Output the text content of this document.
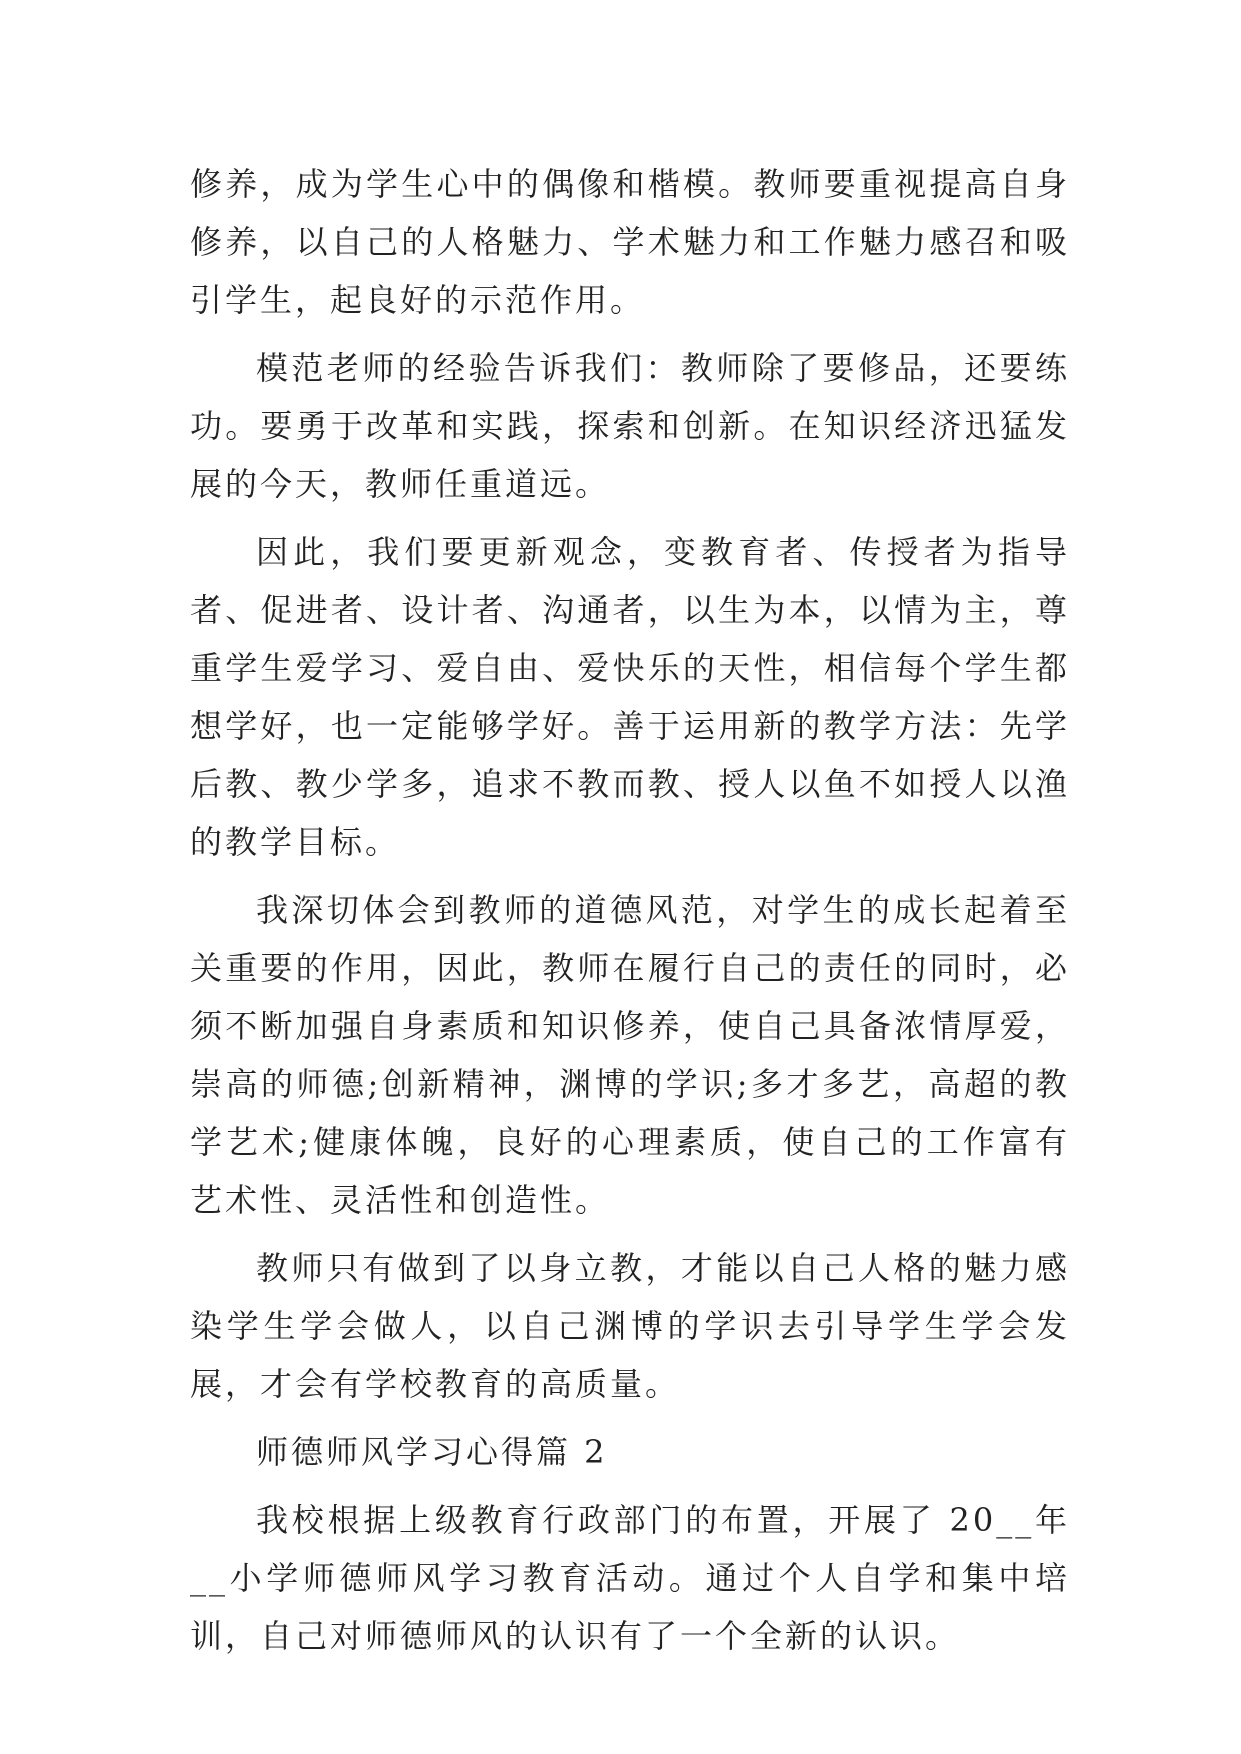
修养，成为学生心中的偶像和楷模。教师要重视提高自身修养，以自己的人格魅力、学术魅力和工作魅力感召和吸引学生，起良好的示范作用。

模范老师的经验告诉我们：教师除了要修品，还要练功。要勇于改革和实践，探索和创新。在知识经济迅猛发展的今天，教师任重道远。

因此，我们要更新观念，变教育者、传授者为指导者、促进者、设计者、沟通者，以生为本，以情为主，尊重学生爱学习、爱自由、爱快乐的天性，相信每个学生都想学好，也一定能够学好。善于运用新的教学方法：先学后教、教少学多，追求不教而教、授人以鱼不如授人以渔的教学目标。

我深切体会到教师的道德风范，对学生的成长起着至关重要的作用，因此，教师在履行自己的责任的同时，必须不断加强自身素质和知识修养，使自己具备浓情厚爱，崇高的师德;创新精神，渊博的学识;多才多艺，高超的教学艺术;健康体魄，良好的心理素质，使自己的工作富有艺术性、灵活性和创造性。

教师只有做到了以身立教，才能以自己人格的魅力感染学生学会做人，以自己渊博的学识去引导学生学会发展，才会有学校教育的高质量。

师德师风学习心得篇 2

我校根据上级教育行政部门的布置，开展了 20__年__小学师德师风学习教育活动。通过个人自学和集中培训，自己对师德师风的认识有了一个全新的认识。
